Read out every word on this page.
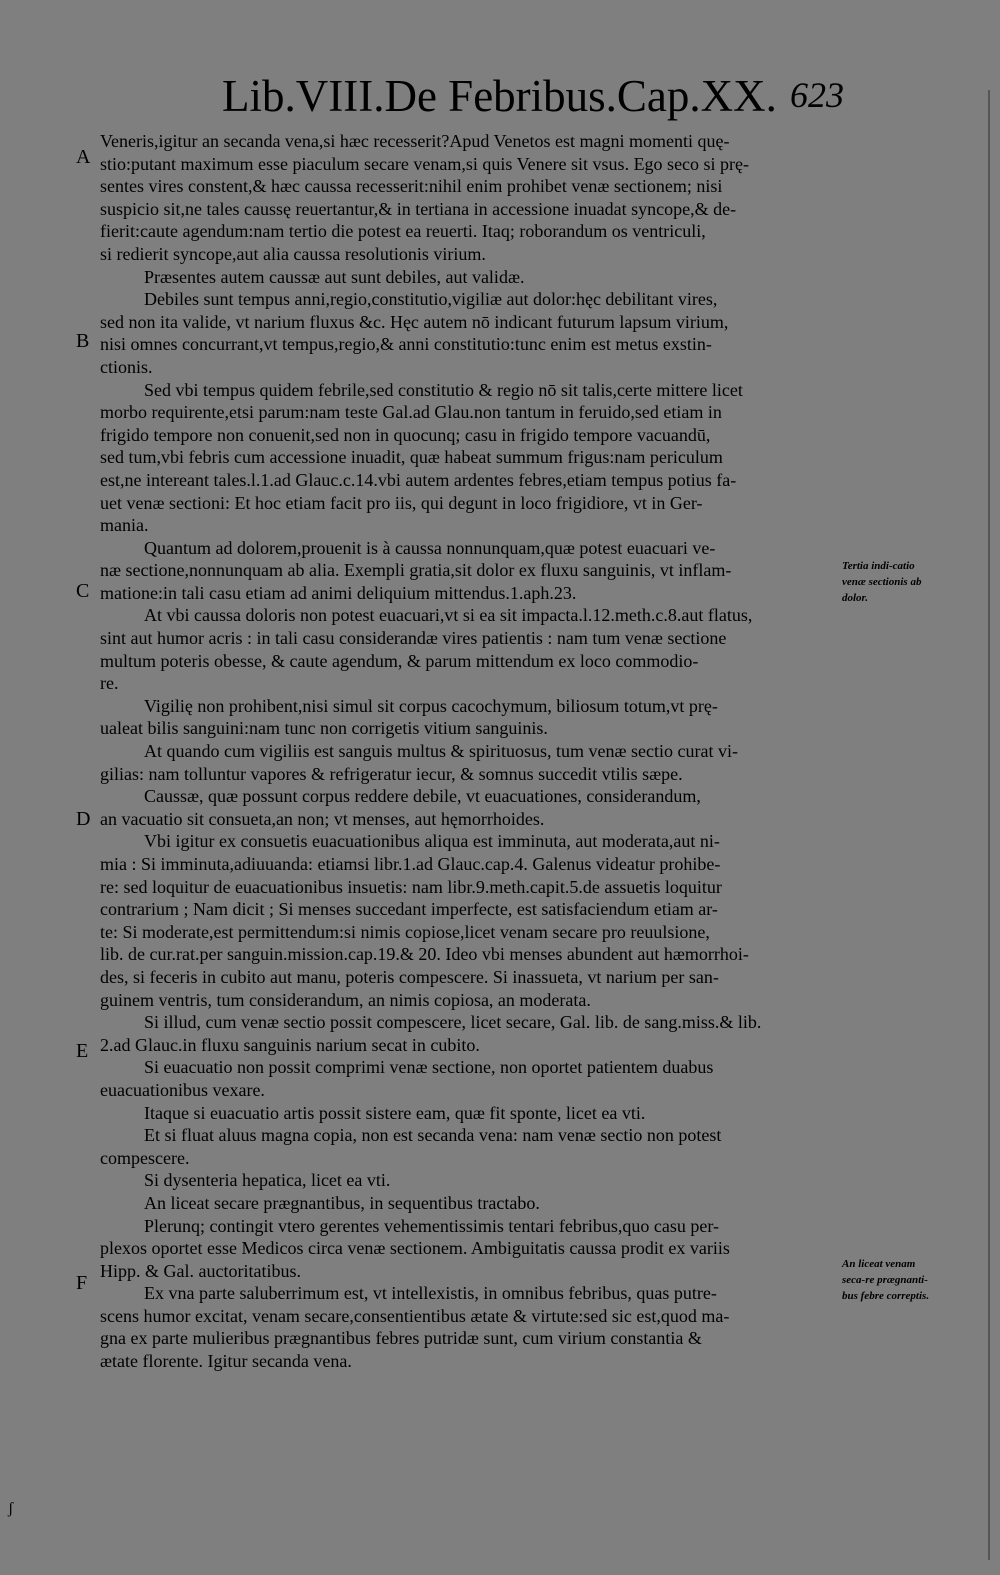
Lib.VIII.De Febribus.Cap.XX. 623
A
B
C
D
E
F
Tertia indi-catio venæ sectionis ab dolor.
An liceat venam seca-re prægnanti-bus febre correptis.
Veneris,igitur an secanda vena,si hæc recesserit?Apud Venetos est magni momenti quę-
stio:putant maximum esse piaculum secare venam,si quis Venere sit vsus. Ego seco si prę-
sentes vires constent,& hæc caussa recesserit:nihil enim prohibet venæ sectionem; nisi
suspicio sit,ne tales caussę reuertantur,& in tertiana in accessione inuadat syncope,& de-
fierit:caute agendum:nam tertio die potest ea reuerti. Itaq; roborandum os ventriculi,
si redierit syncope,aut alia caussa resolutionis virium.
Præsentes autem caussæ aut sunt debiles, aut validæ.
Debiles sunt tempus anni,regio,constitutio,vigiliæ aut dolor:hęc debilitant vires,
sed non ita valide, vt narium fluxus &c. Hęc autem nō indicant futurum lapsum virium,
nisi omnes concurrant,vt tempus,regio,& anni constitutio:tunc enim est metus exstin-
ctionis.
Sed vbi tempus quidem febrile,sed constitutio & regio nō sit talis,certe mittere licet
morbo requirente,etsi parum:nam teste Gal.ad Glau.non tantum in feruido,sed etiam in
frigido tempore non conuenit,sed non in quocunq; casu in frigido tempore vacuandū,
sed tum,vbi febris cum accessione inuadit, quæ habeat summum frigus:nam periculum
est,ne intereant tales.l.1.ad Glauc.c.14.vbi autem ardentes febres,etiam tempus potius fa-
uet venæ sectioni: Et hoc etiam facit pro iis, qui degunt in loco frigidiore, vt in Ger-
mania.
Quantum ad dolorem,prouenit is à caussa nonnunquam,quæ potest euacuari ve-
næ sectione,nonnunquam ab alia. Exempli gratia,sit dolor ex fluxu sanguinis, vt inflam-
matione:in tali casu etiam ad animi deliquium mittendus.1.aph.23.
At vbi caussa doloris non potest euacuari,vt si ea sit impacta.l.12.meth.c.8.aut flatus,
sint aut humor acris : in tali casu considerandæ vires patientis : nam tum venæ sectione
multum poteris obesse, & caute agendum, & parum mittendum ex loco commodio-
re.
Vigilię non prohibent,nisi simul sit corpus cacochymum, biliosum totum,vt prę-
ualeat bilis sanguini:nam tunc non corrigetis vitium sanguinis.
At quando cum vigiliis est sanguis multus & spirituosus, tum venæ sectio curat vi-
gilias: nam tolluntur vapores & refrigeratur iecur, & somnus succedit vtilis sæpe.
Caussæ, quæ possunt corpus reddere debile, vt euacuationes, considerandum,
an vacuatio sit consueta,an non; vt menses, aut hęmorrhoides.
Vbi igitur ex consuetis euacuationibus aliqua est imminuta, aut moderata,aut ni-
mia : Si imminuta,adiuuanda: etiamsi libr.1.ad Glauc.cap.4. Galenus videatur prohibe-
re: sed loquitur de euacuationibus insuetis: nam libr.9.meth.capit.5.de assuetis loquitur
contrarium ; Nam dicit ; Si menses succedant imperfecte, est satisfaciendum etiam ar-
te: Si moderate,est permittendum:si nimis copiose,licet venam secare pro reuulsione,
lib. de cur.rat.per sanguin.mission.cap.19.& 20. Ideo vbi menses abundent aut hæmorrhoi-
des, si feceris in cubito aut manu, poteris compescere. Si inassueta, vt narium per san-
guinem ventris, tum considerandum, an nimis copiosa, an moderata.
Si illud, cum venæ sectio possit compescere, licet secare, Gal. lib. de sang.miss.& lib.
2.ad Glauc.in fluxu sanguinis narium secat in cubito.
Si euacuatio non possit comprimi venæ sectione, non oportet patientem duabus
euacuationibus vexare.
Itaque si euacuatio artis possit sistere eam, quæ fit sponte, licet ea vti.
Et si fluat aluus magna copia, non est secanda vena: nam venæ sectio non potest
compescere.
Si dysenteria hepatica, licet ea vti.
An liceat secare prægnantibus, in sequentibus tractabo.
Plerunq; contingit vtero gerentes vehementissimis tentari febribus,quo casu per-
plexos oportet esse Medicos circa venæ sectionem. Ambiguitatis caussa prodit ex variis
Hipp. & Gal. auctoritatibus.
Ex vna parte saluberrimum est, vt intellexistis, in omnibus febribus, quas putre-
scens humor excitat, venam secare,consentientibus ætate & virtute:sed sic est,quod ma-
gna ex parte mulieribus prægnantibus febres putridæ sunt, cum virium constantia &
ætate florente. Igitur secanda vena.
ʃ
